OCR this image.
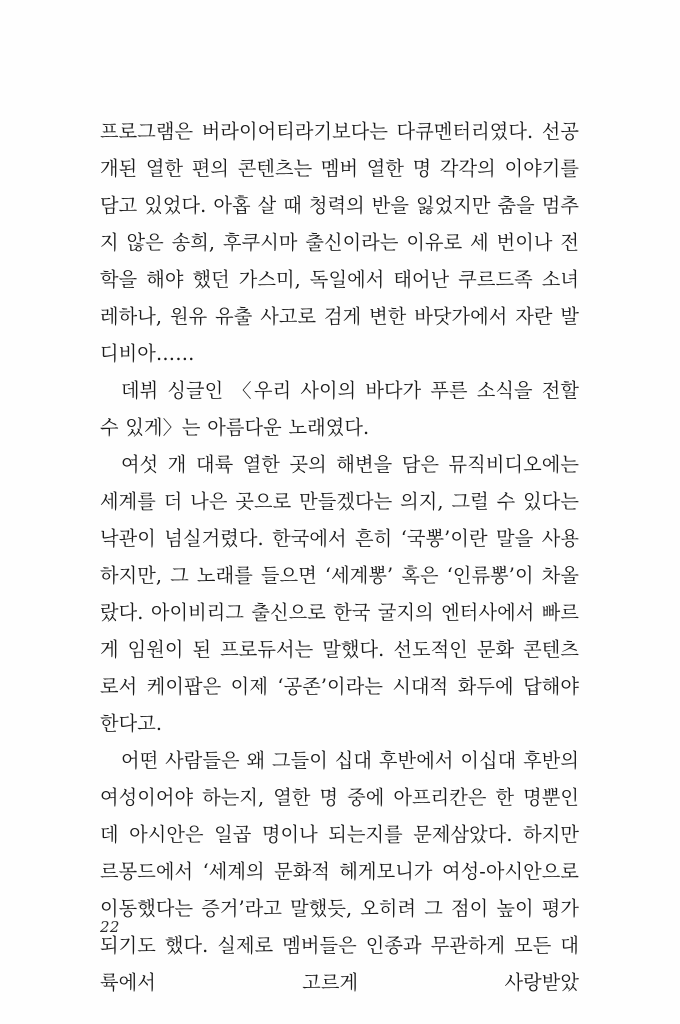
프로그램은 버라이어티라기보다는 다큐멘터리였다. 선공개된 열한 편의 콘텐츠는 멤버 열한 명 각각의 이야기를 담고 있었다. 아홉 살 때 청력의 반을 잃었지만 춤을 멈추지 않은 송희, 후쿠시마 출신이라는 이유로 세 번이나 전학을 해야 했던 가스미, 독일에서 태어난 쿠르드족 소녀 레하나, 원유 유출 사고로 검게 변한 바닷가에서 자란 발디비아……

데뷔 싱글인 〈우리 사이의 바다가 푸른 소식을 전할 수 있게〉는 아름다운 노래였다.

여섯 개 대륙 열한 곳의 해변을 담은 뮤직비디오에는 세계를 더 나은 곳으로 만들겠다는 의지, 그럴 수 있다는 낙관이 넘실거렸다. 한국에서 흔히 ‘국뽕’이란 말을 사용하지만, 그 노래를 들으면 ‘세계뽕’ 혹은 ‘인류뽕’이 차올랐다. 아이비리그 출신으로 한국 굴지의 엔터사에서 빠르게 임원이 된 프로듀서는 말했다. 선도적인 문화 콘텐츠로서 케이팝은 이제 ‘공존’이라는 시대적 화두에 답해야 한다고.

어떤 사람들은 왜 그들이 십대 후반에서 이십대 후반의 여성이어야 하는지, 열한 명 중에 아프리칸은 한 명뿐인데 아시안은 일곱 명이나 되는지를 문제삼았다. 하지만 르몽드에서 ‘세계의 문화적 헤게모니가 여성-아시안으로 이동했다는 증거’라고 말했듯, 오히려 그 점이 높이 평가되기도 했다. 실제로 멤버들은 인종과 무관하게 모든 대륙에서 고르게 사랑받았

22
